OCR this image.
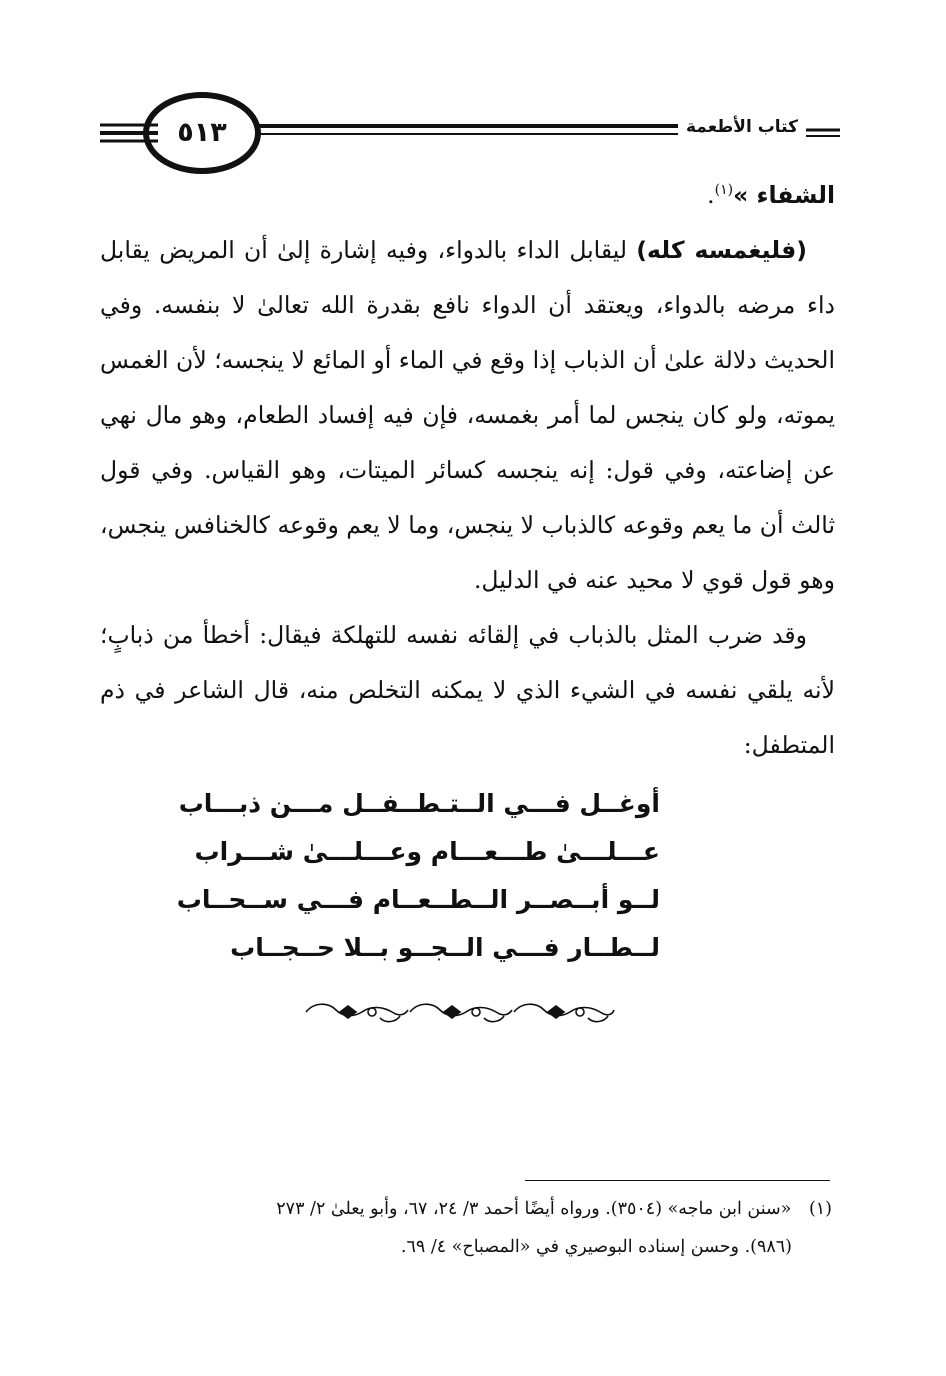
٥١٣	كتاب الأطعمة

الشفاء »$^{(١)}$.

(فليغمسه كله) ليقابل الداء بالدواء، وفيه إشارة إلىٰ أن المريض يقابل داء مرضه بالدواء، ويعتقد أن الدواء نافع بقدرة الله تعالىٰ لا بنفسه. وفي الحديث دلالة علىٰ أن الذباب إذا وقع في الماء أو المائع لا ينجسه؛ لأن الغمس يموته، ولو كان ينجس لما أمر بغمسه، فإن فيه إفساد الطعام، وهو مال نهي عن إضاعته، وفي قول: إنه ينجسه كسائر الميتات، وهو القياس. وفي قول ثالث أن ما يعم وقوعه كالذباب لا ينجس، وما لا يعم وقوعه كالخنافس ينجس، وهو قول قوي لا محيد عنه في الدليل.

وقد ضرب المثل بالذباب في إلقائه نفسه للتهلكة فيقال: أخطأ من ذبابٍ؛ لأنه يلقي نفسه في الشيء الذي لا يمكنه التخلص منه، قال الشاعر في ذم المتطفل:

أوغــل فـــي الــتـطــفــل مـــن ذبـــاب
عـــلـــىٰ طـــعـــام وعـــلـــىٰ شـــراب
لــو أبــصــر الــطــعــام فـــي ســحــاب
لــطــار فـــي الــجــو بــلا حــجــاب
(١) «سنن ابن ماجه» (٣٥٠٤). ورواه أيضًا أحمد ٣/ ٢٤، ٦٧، وأبو يعلىٰ ٢/ ٢٧٣
(٩٨٦). وحسن إسناده البوصيري في «المصباح» ٤/ ٦٩.
